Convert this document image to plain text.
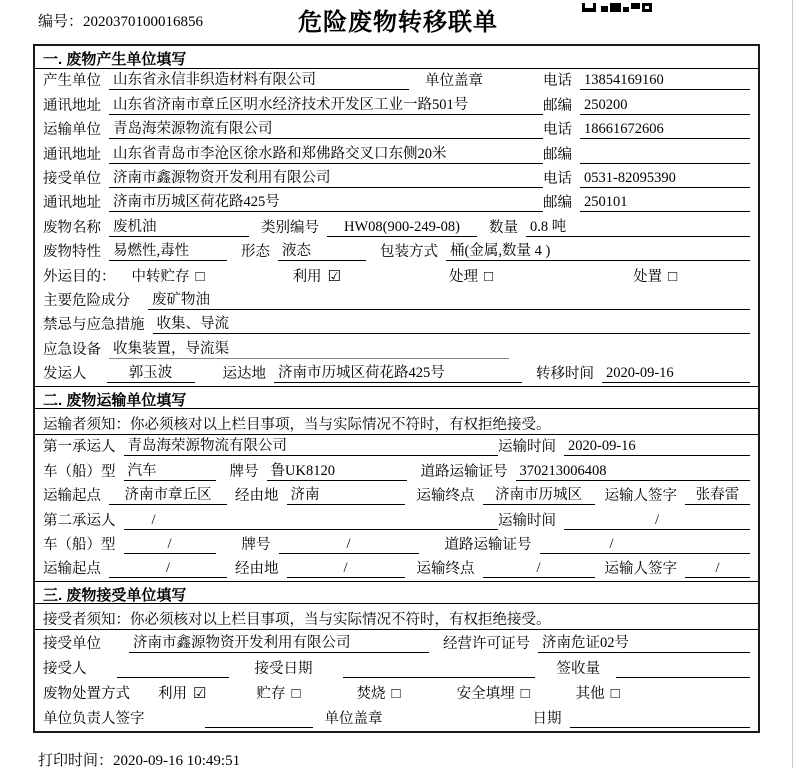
编号：2020370100016856	危险废物转移联单
一. 废物产生单位填写
产生单位 山东省永信非织造材料有限公司	单位盖章	电话 13854169160
通讯地址 山东省济南市章丘区明水经济技术开发区工业一路501号	邮编 250200
运输单位 青岛海荣源物流有限公司	电话 18661672606
通讯地址 山东省青岛市李沧区徐水路和郑佛路交叉口东侧20米	邮编
接受单位 济南市鑫源物资开发利用有限公司	电话 0531-82095390
通讯地址 济南市历城区荷花路425号	邮编 250101
废物名称 废机油	类别编号	HW08(900-249-08)	数量 0.8 吨
废物特性 易燃性,毒性	形态 液态	包装方式 桶(金属,数量 4 )
外运目的： 中转贮存 □	利用 ☑	处理 □	处置 □
主要危险成分 废矿物油
禁忌与应急措施 收集、导流
应急设备 收集装置，导流渠
发运人	郭玉波	运达地 济南市历城区荷花路425号	转移时间 2020-09-16
二. 废物运输单位填写
运输者须知：你必须核对以上栏目事项，当与实际情况不符时，有权拒绝接受。
第一承运人 青岛海荣源物流有限公司	运输时间 2020-09-16
车（船）型 汽车	牌号 鲁UK8120	道路运输证号 370213006408
运输起点	济南市章丘区	经由地 济南	运输终点	济南市历城区	运输人签字	张春雷
第二承运人	/	运输时间	/
车（船）型	/	牌号	/	道路运输证号	/
运输起点	/	经由地	/	运输终点	/	运输人签字	/
三. 废物接受单位填写
接受者须知：你必须核对以上栏目事项，当与实际情况不符时，有权拒绝接受。
接受单位 济南市鑫源物资开发利用有限公司	经营许可证号 济南危证02号
接受人	接受日期	签收量
废物处置方式 利用 ☑	贮存 □	焚烧 □	安全填埋 □	其他 □
单位负责人签字	单位盖章	日期
打印时间：2020-09-16 10:49:51
